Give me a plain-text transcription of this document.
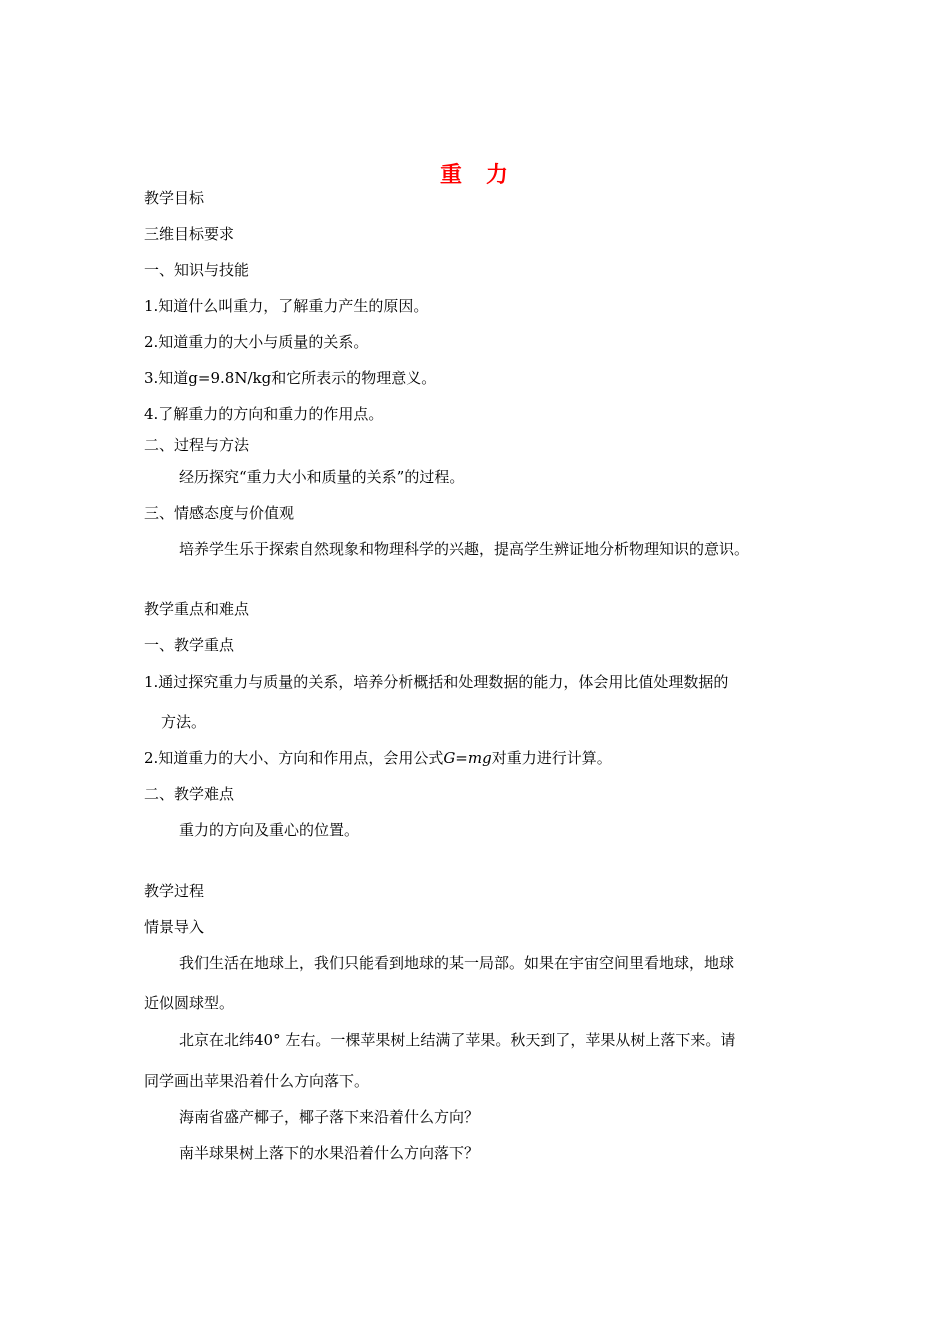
重 力
教学目标
三维目标要求
一、知识与技能
1.知道什么叫重力，了解重力产生的原因。
2.知道重力的大小与质量的关系。
3.知道g=9.8N/kg和它所表示的物理意义。
4.了解重力的方向和重力的作用点。
二、过程与方法
经历探究“重力大小和质量的关系”的过程。
三、情感态度与价值观
培养学生乐于探索自然现象和物理科学的兴趣，提高学生辨证地分析物理知识的意识。
教学重点和难点
一、教学重点
1.通过探究重力与质量的关系，培养分析概括和处理数据的能力，体会用比值处理数据的
方法。
2.知道重力的大小、方向和作用点，会用公式G=mg对重力进行计算。
二、教学难点
重力的方向及重心的位置。
教学过程
情景导入
我们生活在地球上，我们只能看到地球的某一局部。如果在宇宙空间里看地球，地球
近似圆球型。
北京在北纬40° 左右。一棵苹果树上结满了苹果。秋天到了，苹果从树上落下来。请
同学画出苹果沿着什么方向落下。
海南省盛产椰子，椰子落下来沿着什么方向？
南半球果树上落下的水果沿着什么方向落下？
